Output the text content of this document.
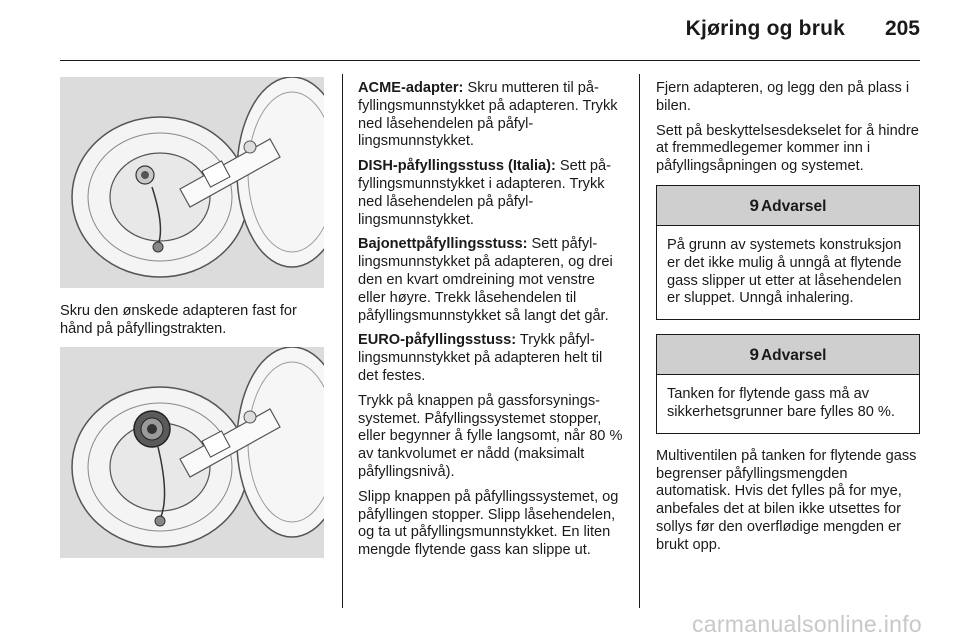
Kjøring og bruk 205

Skru den ønskede adapteren fast for hånd på påfyllingstrakten.

ACME-adapter: Skru mutteren til påfyllingsmunnstykket på adapteren. Trykk ned låsehendelen på påfyllingsmunnstykket.

DISH-påfyllingsstuss (Italia): Sett påfyllingsmunnstykket i adapteren. Trykk ned låsehendelen på påfyllingsmunnstykket.

Bajonettpåfyllingsstuss: Sett påfyllingsmunnstykket på adapteren, og drei den en kvart omdreining mot venstre eller høyre. Trekk låsehendelen til påfyllingsmunnstykket så langt det går.

EURO-påfyllingsstuss: Trykk påfyllingsmunnstykket på adapteren helt til det festes.

Trykk på knappen på gassforsyningssystemet. Påfyllingssystemet stopper, eller begynner å fylle langsomt, når 80 % av tankvolumet er nådd (maksimalt påfyllingsnivå).

Slipp knappen på påfyllingssystemet, og påfyllingen stopper. Slipp låsehendelen, og ta ut påfyllingsmunnstykket. En liten mengde flytende gass kan slippe ut.

Fjern adapteren, og legg den på plass i bilen.

Sett på beskyttelsesdekselet for å hindre at fremmedlegemer kommer inn i påfyllingsåpningen og systemet.

9 Advarsel
På grunn av systemets konstruksjon er det ikke mulig å unngå at flytende gass slipper ut etter at låsehendelen er sluppet. Unngå inhalering.
9 Advarsel
Tanken for flytende gass må av sikkerhetsgrunner bare fylles 80 %.

Multiventilen på tanken for flytende gass begrenser påfyllingsmengden automatisk. Hvis det fylles på for mye, anbefales det at bilen ikke utsettes for sollys før den overflødige mengden er brukt opp.

carmanualsonline.info
